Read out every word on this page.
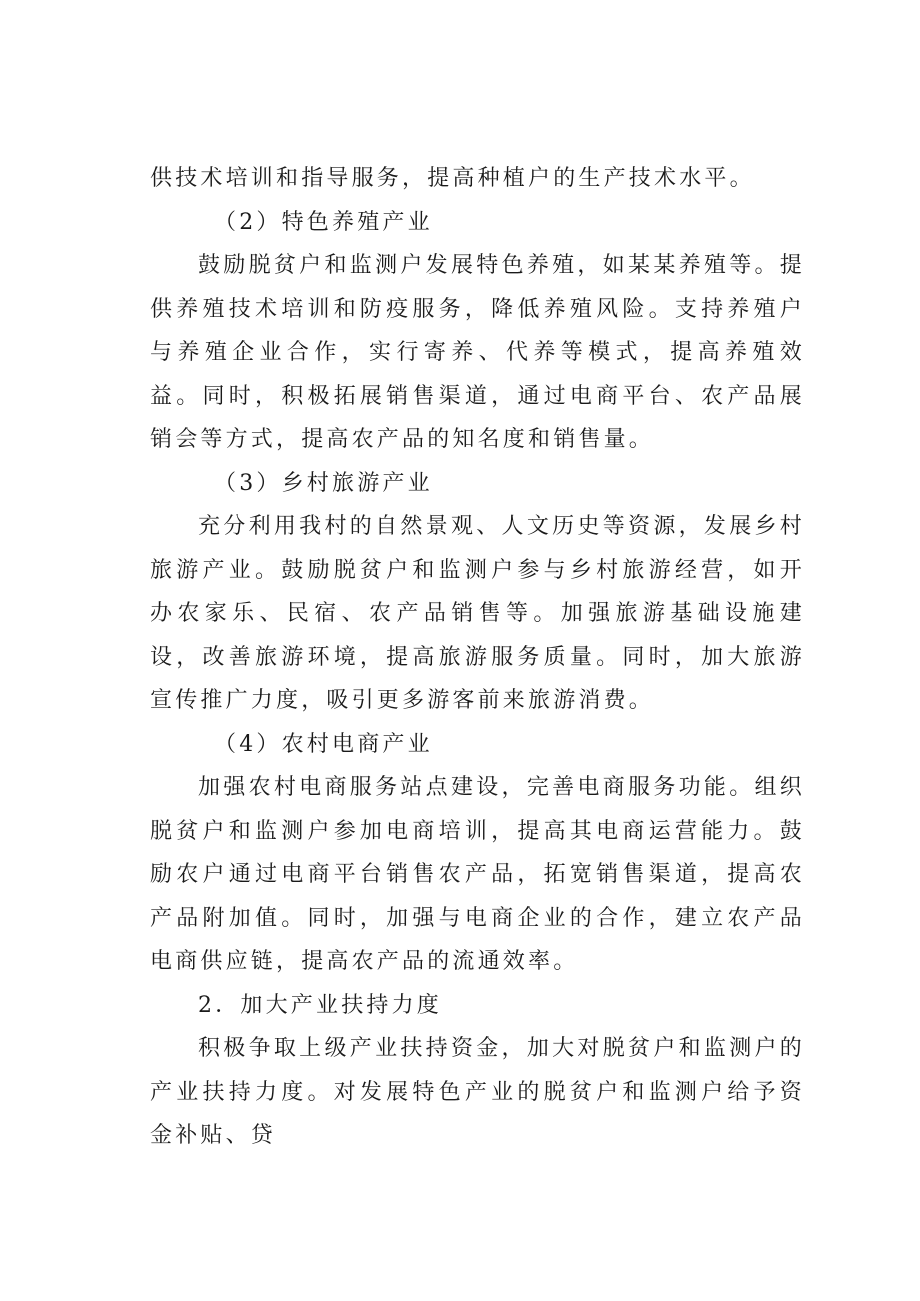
供技术培训和指导服务，提高种植户的生产技术水平。

（2）特色养殖产业

鼓励脱贫户和监测户发展特色养殖，如某某养殖等。提供养殖技术培训和防疫服务，降低养殖风险。支持养殖户与养殖企业合作，实行寄养、代养等模式，提高养殖效益。同时，积极拓展销售渠道，通过电商平台、农产品展销会等方式，提高农产品的知名度和销售量。

（3）乡村旅游产业

充分利用我村的自然景观、人文历史等资源，发展乡村旅游产业。鼓励脱贫户和监测户参与乡村旅游经营，如开办农家乐、民宿、农产品销售等。加强旅游基础设施建设，改善旅游环境，提高旅游服务质量。同时，加大旅游宣传推广力度，吸引更多游客前来旅游消费。

（4）农村电商产业

加强农村电商服务站点建设，完善电商服务功能。组织脱贫户和监测户参加电商培训，提高其电商运营能力。鼓励农户通过电商平台销售农产品，拓宽销售渠道，提高农产品附加值。同时，加强与电商企业的合作，建立农产品电商供应链，提高农产品的流通效率。

2．加大产业扶持力度

积极争取上级产业扶持资金，加大对脱贫户和监测户的产业扶持力度。对发展特色产业的脱贫户和监测户给予资金补贴、贷
